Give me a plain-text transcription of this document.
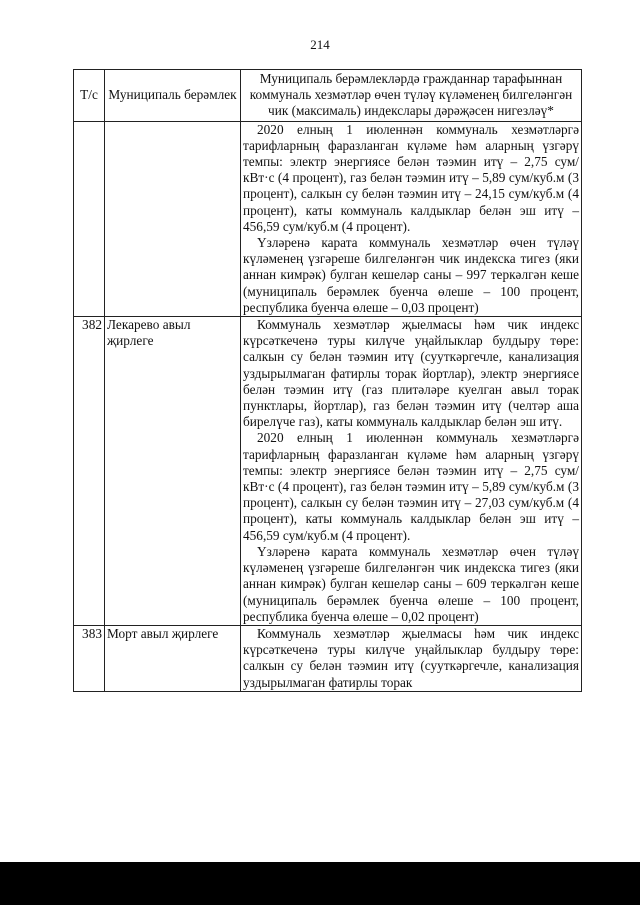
214
Т/с	Муниципаль берәмлек	Муниципаль берәмлекләрдә гражданнар тарафыннан коммуналь хезмәтләр өчен түләү күләменең билгеләнгән чик (максималь) индекслары дәрәҗәсен нигезләү*

		2020 елның 1 июленнән коммуналь хезмәтләргә тарифларның фаразланган күләме һәм аларның үзгәрү темпы: электр энергиясе белән тәэмин итү – 2,75 сум/кВт·с (4 процент), газ белән тәэмин итү – 5,89 сум/куб.м (3 процент), салкын су белән тәэмин итү – 24,15 сум/куб.м (4 процент), каты коммуналь калдыклар белән эш итү – 456,59 сум/куб.м (4 процент).

Үзләренә карата коммуналь хезмәтләр өчен түләү күләменең үзгәреше билгеләнгән чик индекска тигез (яки аннан кимрәк) булган кешеләр саны – 997 теркәлгән кеше (муниципаль берәмлек буенча өлеше – 100 процент, республика буенча өлеше – 0,03 процент)

382	Лекарево авыл җирлеге	Коммуналь хезмәтләр җыелмасы һәм чик индекс күрсәткеченә туры килүче уңайлыклар булдыру төре: салкын су белән тәэмин итү (сууткәргечле, канализация уздырылмаган фатирлы торак йортлар), электр энергиясе белән тәэмин итү (газ плитәләре куелган авыл торак пунктлары, йортлар), газ белән тәэмин итү (челтәр аша бирелүче газ), каты коммуналь калдыклар белән эш итү.

2020 елның 1 июленнән коммуналь хезмәтләргә тарифларның фаразланган күләме һәм аларның үзгәрү темпы: электр энергиясе белән тәэмин итү – 2,75 сум/кВт·с (4 процент), газ белән тәэмин итү – 5,89 сум/куб.м (3 процент), салкын су белән тәэмин итү – 27,03 сум/куб.м (4 процент), каты коммуналь калдыклар белән эш итү – 456,59 сум/куб.м (4 процент).

Үзләренә карата коммуналь хезмәтләр өчен түләү күләменең үзгәреше билгеләнгән чик индекска тигез (яки аннан кимрәк) булган кешеләр саны – 609 теркәлгән кеше (муниципаль берәмлек буенча өлеше – 100 процент, республика буенча өлеше – 0,02 процент)

383	Морт авыл җирлеге	Коммуналь хезмәтләр җыелмасы һәм чик индекс күрсәткеченә туры килүче уңайлыклар булдыру төре: салкын су белән тәэмин итү (сууткәргечле, канализация уздырылмаган фатирлы торак
